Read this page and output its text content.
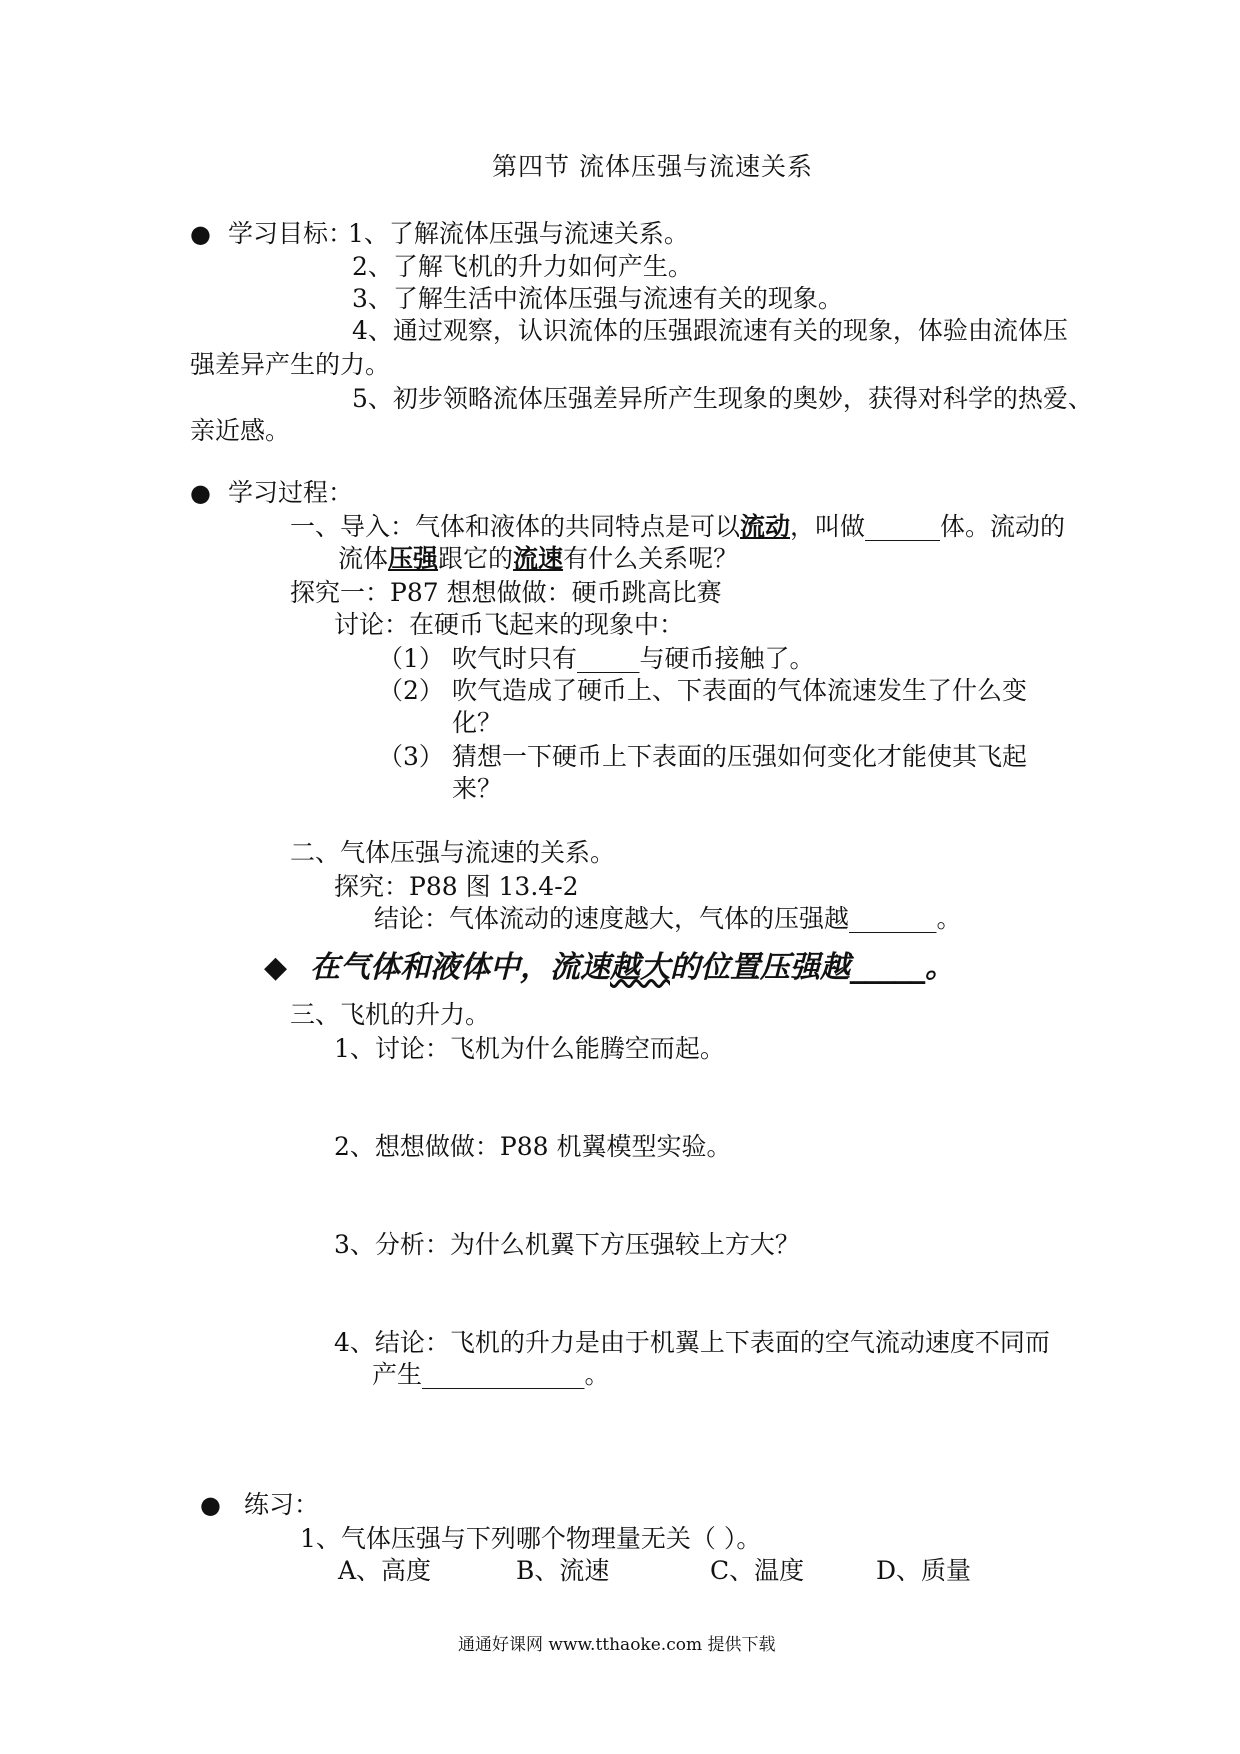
第四节 流体压强与流速关系
● 学习目标：
1、了解流体压强与流速关系。
2、了解飞机的升力如何产生。
3、了解生活中流体压强与流速有关的现象。
4、通过观察，认识流体的压强跟流速有关的现象，体验由流体压
强差异产生的力。
5、初步领略流体压强差异所产生现象的奥妙，获得对科学的热爱、
亲近感。
● 学习过程：
一、导入：气体和液体的共同特点是可以流动，叫做______体。流动的
流体压强跟它的流速有什么关系呢？
探究一：P87 想想做做：硬币跳高比赛
讨论：在硬币飞起来的现象中：
（1） 吹气时只有_____与硬币接触了。
（2） 吹气造成了硬币上、下表面的气体流速发生了什么变
化？
（3） 猜想一下硬币上下表面的压强如何变化才能使其飞起
来？
二、气体压强与流速的关系。
探究：P88 图 13.4-2
结论：气体流动的速度越大，气体的压强越_______。
◆ 在气体和液体中，流速越大的位置压强越_____。
三、飞机的升力。
1、讨论：飞机为什么能腾空而起。
2、想想做做：P88 机翼模型实验。
3、分析：为什么机翼下方压强较上方大？
4、结论：飞机的升力是由于机翼上下表面的空气流动速度不同而
产生_____________。
● 练习：
1、气体压强与下列哪个物理量无关（ ）。
A、高度	B、流速	C、温度	D、质量
通通好课网 www.tthaoke.com 提供下载
